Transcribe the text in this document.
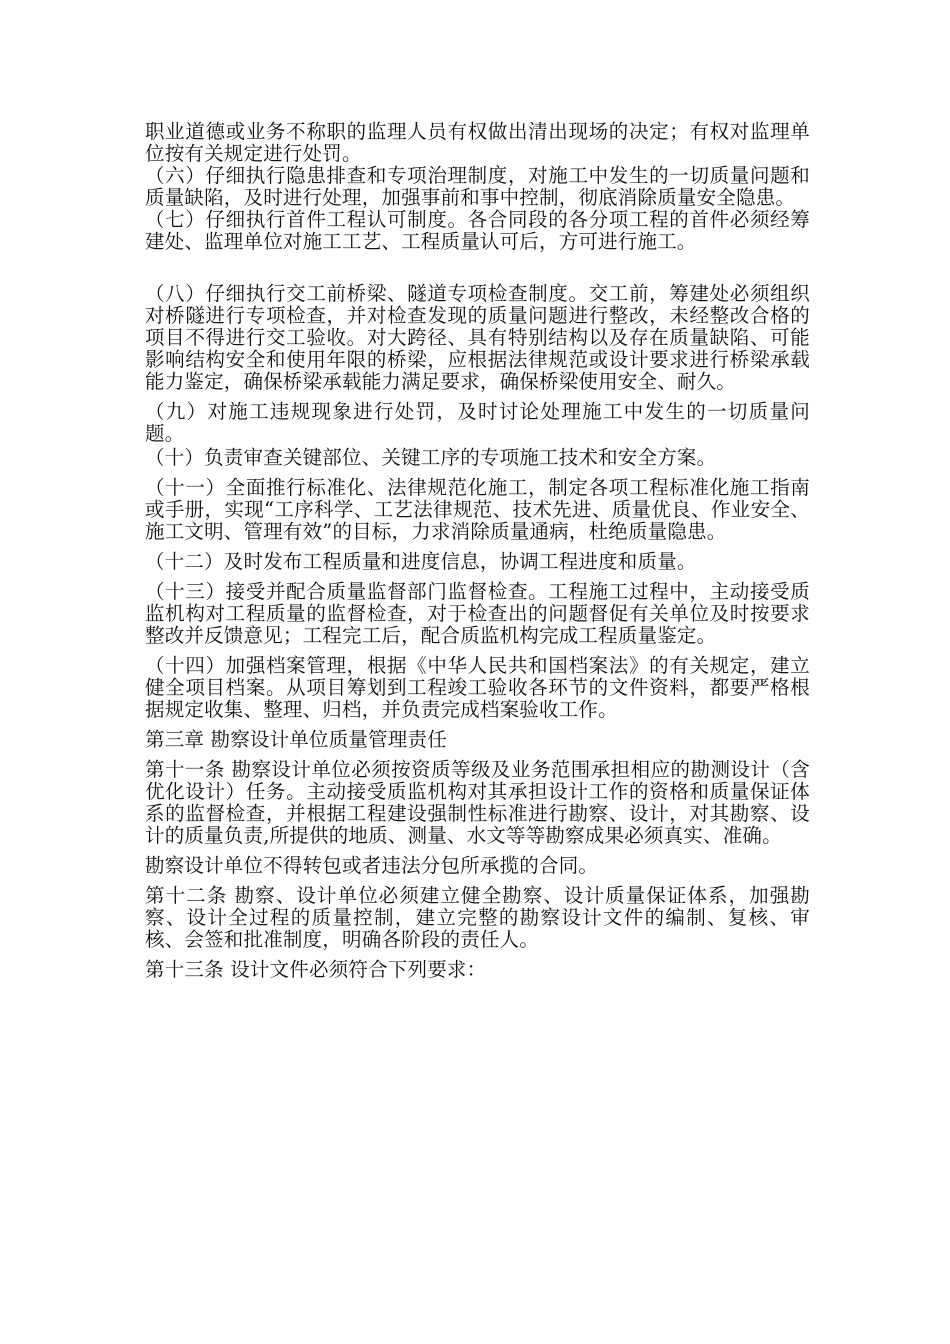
职业道德或业务不称职的监理人员有权做出清出现场的决定；有权对监理单位按有关规定进行处罚。

（六）仔细执行隐患排查和专项治理制度，对施工中发生的一切质量问题和质量缺陷，及时进行处理，加强事前和事中控制，彻底消除质量安全隐患。

（七）仔细执行首件工程认可制度。各合同段的各分项工程的首件必须经筹建处、监理单位对施工工艺、工程质量认可后，方可进行施工。

（八）仔细执行交工前桥梁、隧道专项检查制度。交工前，筹建处必须组织对桥隧进行专项检查，并对检查发现的质量问题进行整改，未经整改合格的项目不得进行交工验收。对大跨径、具有特别结构以及存在质量缺陷、可能影响结构安全和使用年限的桥梁，应根据法律规范或设计要求进行桥梁承载能力鉴定，确保桥梁承载能力满足要求，确保桥梁使用安全、耐久。

（九）对施工违规现象进行处罚，及时讨论处理施工中发生的一切质量问题。

（十）负责审查关键部位、关键工序的专项施工技术和安全方案。

（十一）全面推行标准化、法律规范化施工，制定各项工程标准化施工指南或手册，实现“工序科学、工艺法律规范、技术先进、质量优良、作业安全、施工文明、管理有效”的目标，力求消除质量通病，杜绝质量隐患。

（十二）及时发布工程质量和进度信息，协调工程进度和质量。

（十三）接受并配合质量监督部门监督检查。工程施工过程中，主动接受质监机构对工程质量的监督检查，对于检查出的问题督促有关单位及时按要求整改并反馈意见；工程完工后，配合质监机构完成工程质量鉴定。

（十四）加强档案管理，根据《中华人民共和国档案法》的有关规定，建立健全项目档案。从项目筹划到工程竣工验收各环节的文件资料，都要严格根据规定收集、整理、归档，并负责完成档案验收工作。

第三章 勘察设计单位质量管理责任

第十一条 勘察设计单位必须按资质等级及业务范围承担相应的勘测设计（含优化设计）任务。主动接受质监机构对其承担设计工作的资格和质量保证体系的监督检查，并根据工程建设强制性标准进行勘察、设计，对其勘察、设计的质量负责,所提供的地质、测量、水文等等勘察成果必须真实、准确。

勘察设计单位不得转包或者违法分包所承揽的合同。

第十二条 勘察、设计单位必须建立健全勘察、设计质量保证体系，加强勘察、设计全过程的质量控制，建立完整的勘察设计文件的编制、复核、审核、会签和批准制度，明确各阶段的责任人。

第十三条 设计文件必须符合下列要求：
